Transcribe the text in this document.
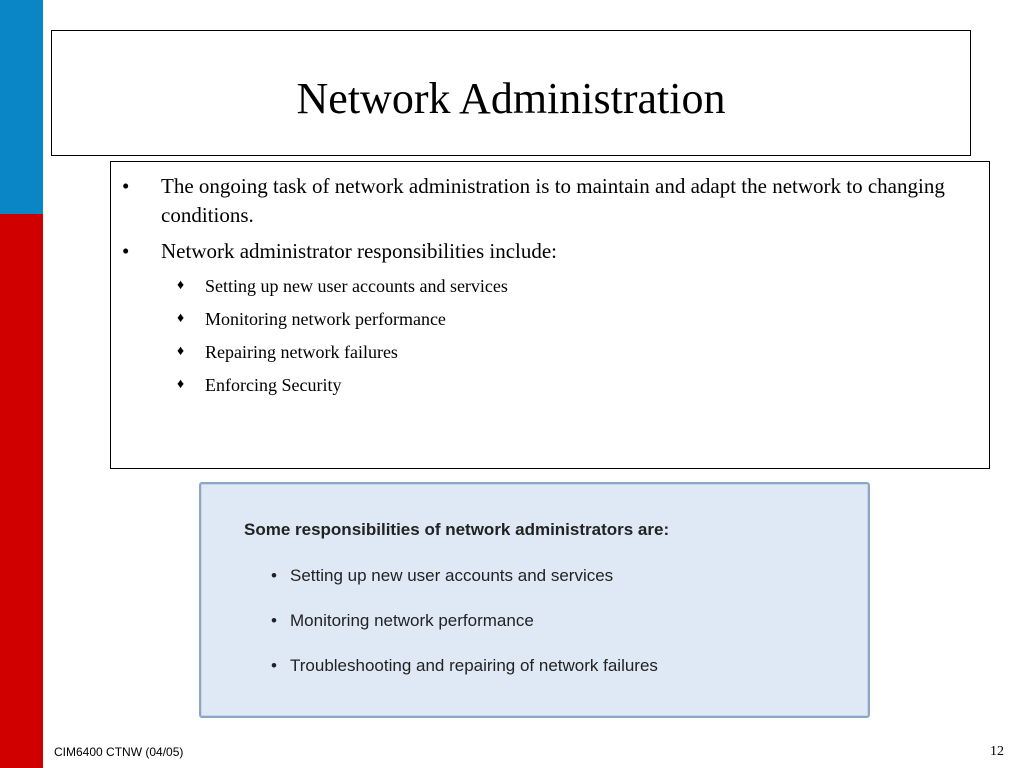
Network Administration
• The ongoing task of network administration is to maintain and adapt the network to changing conditions.
• Network administrator responsibilities include:
♦ Setting up new user accounts and services
♦ Monitoring network performance
♦ Repairing network failures
♦ Enforcing Security
Some responsibilities of network administrators are:
• Setting up new user accounts and services
• Monitoring network performance
• Troubleshooting and repairing of network failures
CIM6400 CTNW (04/05)	12
